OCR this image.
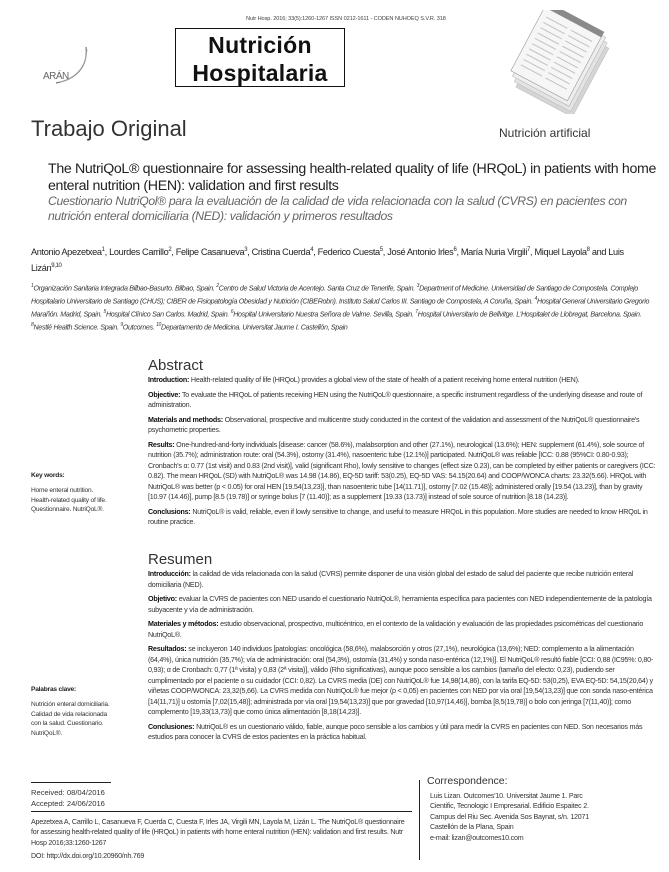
Nutr Hosp. 2016; 33(5):1260-1267 ISSN 0212-1611 - CODEN NUHOEQ S.V.R. 318
Nutrición
Hospitalaria
ARÁN
Trabajo Original	Nutrición artificial
The NutriQoL® questionnaire for assessing health-related quality of life (HRQoL) in patients with home enteral nutrition (HEN): validation and first results
Cuestionario NutriQol® para la evaluación de la calidad de vida relacionada con la salud (CVRS) en pacientes con nutrición enteral domiciliaria (NED): validación y primeros resultados
Antonio Apezetxea$^1$, Lourdes Carrillo$^2$, Felipe Casanueva$^3$, Cristina Cuerda$^4$, Federico Cuesta$^5$, José Antonio Irles$^6$, María Nuria Virgili$^7$, Miquel Layola$^8$ and Luis Lizán$^{9,10}$
$^1$Organización Sanitaria Integrada Bilbao-Basurto. Bilbao, Spain. $^2$Centro de Salud Victoria de Acentejo. Santa Cruz de Tenerife, Spain. $^3$Department of Medicine. Universidad de Santiago de Compostela. Complejo Hospitalario Universitario de Santiago (CHUS); CIBER de Fisiopatología Obesidad y Nutrición (CIBERobn). Instituto Salud Carlos III. Santiago de Compostela, A Coruña, Spain. $^4$Hospital General Universitario Gregorio Marañón. Madrid, Spain. $^5$Hospital Clínico San Carlos. Madrid, Spain. $^6$Hospital Universitario Nuestra Señora de Valme. Sevilla, Spain. $^7$Hospital Universitario de Bellvitge. L'Hospitalet de Llobregat, Barcelona. Spain. $^8$Nestlé Health Science. Spain. $^9$Outcomes. $^{10}$Departamento de Medicina. Universitat Jaume I. Castellón, Spain
Abstract

Introduction: Health-related quality of life (HRQoL) provides a global view of the state of health of a patient receiving home enteral nutrition (HEN).

Objective: To evaluate the HRQoL of patients receiving HEN using the NutriQoL® questionnaire, a specific instrument regardless of the underlying disease and route of administration.

Materials and methods: Observational, prospective and multicentre study conducted in the context of the validation and assessment of the NutriQoL® questionnaire's psychometric properties.

Results: One-hundred-and-forty individuals [disease: cancer (58.6%), malabsorption and other (27.1%), neurological (13.6%); HEN: supplement (61.4%), sole source of nutrition (35.7%); administration route: oral (54.3%), ostomy (31.4%), nasoenteric tube (12.1%)] participated. NutriQoL® was reliable [ICC: 0.88 (95%CI: 0.80-0.93); Cronbach's α: 0.77 (1st visit) and 0.83 (2nd visit)], valid (significant Rho), lowly sensitive to changes (effect size 0.23), can be completed by either patients or caregivers (ICC: 0.82). The mean HRQoL (SD) with NutriQoL® was 14.98 (14.86), EQ-5D tariff: 53(0.25), EQ-5D VAS: 54.15(20.64) and COOP/WONCA charts: 23.32(5.66). HRQoL with NutriQoL® was better (p < 0.05) for oral HEN [19.54(13,23)], than nasoenteric tube [14(11.71)], ostomy [7.02 (15.48)]; administered orally [19.54 (13.23)], than by gravity [10.97 (14.46)], pump [8.5 (19.78)] or syringe bolus [7 (11.40)]; as a supplement [19.33 (13.73)] instead of sole source of nutrition [8.18 (14.23)].

Conclusions: NutriQoL® is valid, reliable, even if lowly sensitive to change, and useful to measure HRQoL in this population. More studies are needed to know HRQoL in routine practice.

Key words:
Home enteral nutrition. Health-related quality of life. Questionnaire. NutriQoL®.
Resumen

Introducción: la calidad de vida relacionada con la salud (CVRS) permite disponer de una visión global del estado de salud del paciente que recibe nutrición enteral domiciliaria (NED).

Objetivo: evaluar la CVRS de pacientes con NED usando el cuestionario NutriQoL®, herramienta específica para pacientes con NED independientemente de la patología subyacente y vía de administración.

Materiales y métodos: estudio observacional, prospectivo, multicéntrico, en el contexto de la validación y evaluación de las propiedades psicométricas del cuestionario NutriQoL®.

Resultados: se incluyeron 140 individuos [patologías: oncológica (58,6%), malabsorción y otros (27,1%), neurológica (13,6%); NED: complemento a la alimentación (64,4%), única nutrición (35,7%); vía de administración: oral (54,3%), ostomía (31,4%) y sonda naso-entérica (12,1%)]. El NutriQoL® resultó fiable [CCI: 0,88 (IC95%: 0,80-0,93); α de Cronbach: 0,77 (1ª visita) y 0,83 (2ª visita)], válido (Rho significativas), aunque poco sensible a los cambios (tamaño del efecto: 0,23), pudiendo ser cumplimentado por el paciente o su cuidador (CCI: 0,82). La CVRS media (DE) con NutriQoL® fue 14,98(14,86), con la tarifa EQ-5D: 53(0,25), EVA EQ-5D: 54,15(20,64) y viñetas COOP/WONCA: 23,32(5,66). La CVRS medida con NutriQoL® fue mejor (p < 0,05) en pacientes con NED por vía oral [19,54(13,23)] que con sonda naso-entérica [14(11,71)] u ostomía [7,02(15,48)]; administrada por vía oral [19,54(13,23)] que por gravedad [10,97(14,46)], bomba [8,5(19,78)] o bolo con jeringa [7(11,40)]; como complemento [19,33(13,73)] que como única alimentación [8,18(14,23)].

Conclusiones: NutriQoL® es un cuestionario válido, fiable, aunque poco sensible a los cambios y útil para medir la CVRS en pacientes con NED. Son necesarios más estudios para conocer la CVRS de estos pacientes en la práctica habitual.

Palabras clave:
Nutrición enteral domiciliaria. Calidad de vida relacionada con la salud. Cuestionario. NutriQoL®.
Received: 08/04/2016
Accepted: 24/06/2016
Apezetxea A, Carrillo L, Casanueva F, Cuerda C, Cuesta F, Irles JA, Virgili MN, Layola M, Lizán L. The NutriQoL® questionnaire for assessing health-related quality of life (HRQoL) in patients with home enteral nutrition (HEN): validation and first results. Nutr Hosp 2016;33:1260-1267
DOI: http://dx.doi.org/10.20960/nh.769
Correspondence:
Luis Lizan. Outcomes'10. Universitat Jaume 1. Parc
Cientific, Tecnologic I Empresarial. Edificio Espaitec 2.
Campus del Riu Sec. Avenida Sos Baynat, s/n. 12071
Castellón de la Plana, Spain
e-mail: lizan@outcomes10.com
